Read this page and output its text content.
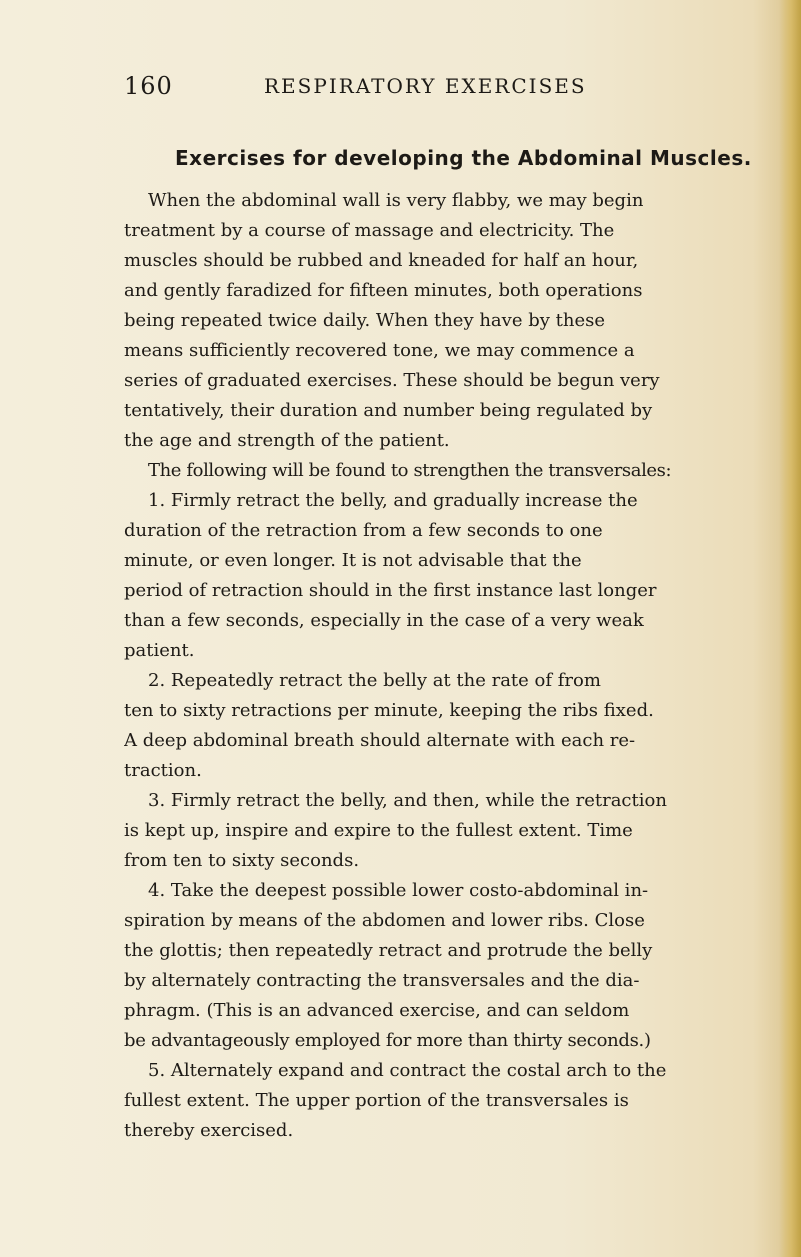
160	RESPIRATORY EXERCISES
Exercises for developing the Abdominal Muscles.
When the abdominal wall is very flabby, we may begin
treatment by a course of massage and electricity. The
muscles should be rubbed and kneaded for half an hour,
and gently faradized for fifteen minutes, both operations
being repeated twice daily. When they have by these
means sufficiently recovered tone, we may commence a
series of graduated exercises. These should be begun very
tentatively, their duration and number being regulated by
the age and strength of the patient.
The following will be found to strengthen the transversales:
1. Firmly retract the belly, and gradually increase the
duration of the retraction from a few seconds to one
minute, or even longer. It is not advisable that the
period of retraction should in the first instance last longer
than a few seconds, especially in the case of a very weak
patient.
2. Repeatedly retract the belly at the rate of from
ten to sixty retractions per minute, keeping the ribs fixed.
A deep abdominal breath should alternate with each re-
traction.
3. Firmly retract the belly, and then, while the retraction
is kept up, inspire and expire to the fullest extent. Time
from ten to sixty seconds.
4. Take the deepest possible lower costo-abdominal in-
spiration by means of the abdomen and lower ribs. Close
the glottis; then repeatedly retract and protrude the belly
by alternately contracting the transversales and the dia-
phragm. (This is an advanced exercise, and can seldom
be advantageously employed for more than thirty seconds.)
5. Alternately expand and contract the costal arch to the
fullest extent. The upper portion of the transversales is
thereby exercised.
